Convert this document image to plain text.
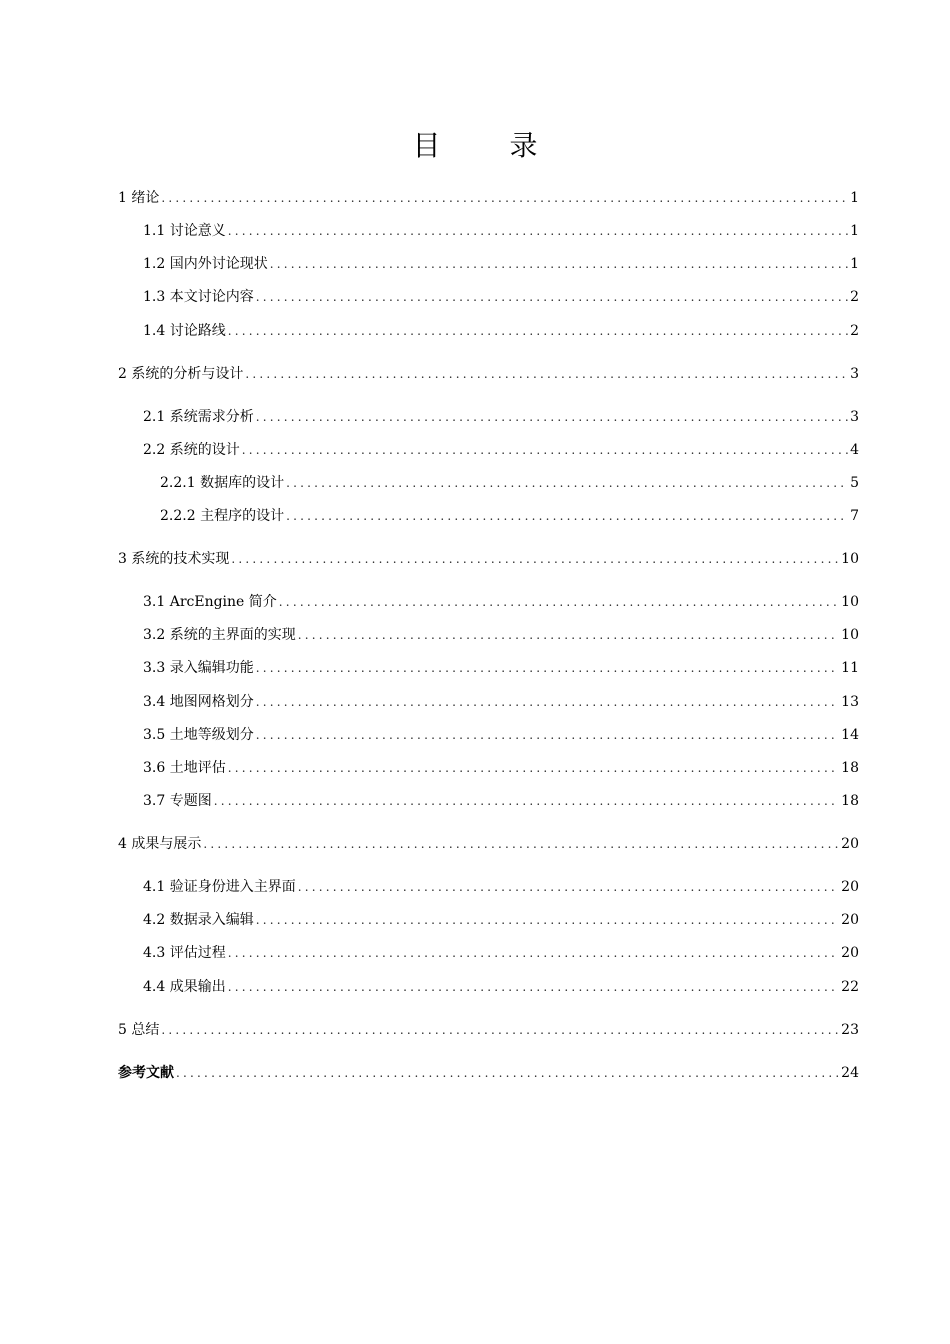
目 录
1 绪论 .....	1
1.1 讨论意义 .....	1
1.2 国内外讨论现状 .....	1
1.3 本文讨论内容 .....	2
1.4 讨论路线 .....	2
2 系统的分析与设计 .....	3
2.1 系统需求分析 .....	3
2.2 系统的设计 .....	4
2.2.1 数据库的设计 .....	5
2.2.2 主程序的设计 .....	7
3 系统的技术实现 .....	10
3.1 ArcEngine 简介 .....	10
3.2 系统的主界面的实现 .....	10
3.3 录入编辑功能 .....	11
3.4 地图网格划分 .....	13
3.5 土地等级划分 .....	14
3.6 土地评估 .....	18
3.7 专题图 .....	18
4 成果与展示 .....	20
4.1 验证身份进入主界面 .....	20
4.2 数据录入编辑 .....	20
4.3 评估过程 .....	20
4.4 成果输出 .....	22
5 总结 .....	23
参考文献 .....	24
